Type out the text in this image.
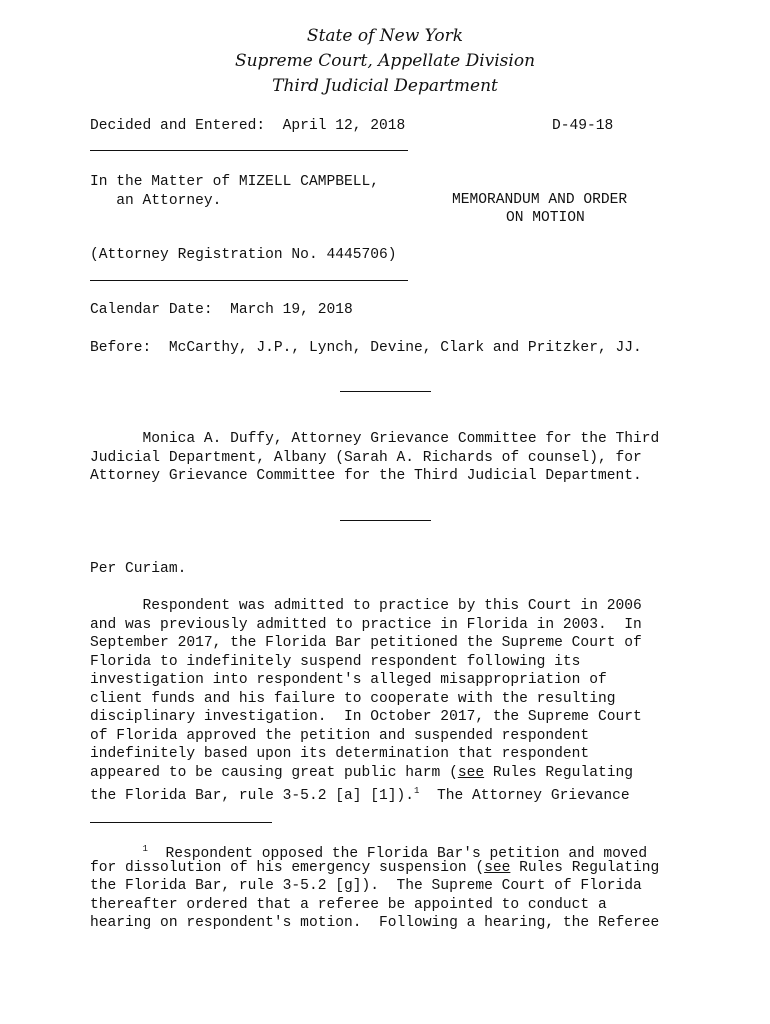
State of New York
Supreme Court, Appellate Division
Third Judicial Department
Decided and Entered:  April 12, 2018	D-49-18
In the Matter of MIZELL CAMPBELL,
an Attorney.	MEMORANDUM AND ORDER
ON MOTION
(Attorney Registration No. 4445706)
Calendar Date:  March 19, 2018
Before:  McCarthy, J.P., Lynch, Devine, Clark and Pritzker, JJ.
Monica A. Duffy, Attorney Grievance Committee for the Third
Judicial Department, Albany (Sarah A. Richards of counsel), for
Attorney Grievance Committee for the Third Judicial Department.
Per Curiam.
Respondent was admitted to practice by this Court in 2006
and was previously admitted to practice in Florida in 2003.  In
September 2017, the Florida Bar petitioned the Supreme Court of
Florida to indefinitely suspend respondent following its
investigation into respondent's alleged misappropriation of
client funds and his failure to cooperate with the resulting
disciplinary investigation.  In October 2017, the Supreme Court
of Florida approved the petition and suspended respondent
indefinitely based upon its determination that respondent
appeared to be causing great public harm (see Rules Regulating
the Florida Bar, rule 3-5.2 [a] [1]).$^1$  The Attorney Grievance
$^1$  Respondent opposed the Florida Bar's petition and moved
for dissolution of his emergency suspension (see Rules Regulating
the Florida Bar, rule 3-5.2 [g]).  The Supreme Court of Florida
thereafter ordered that a referee be appointed to conduct a
hearing on respondent's motion.  Following a hearing, the Referee
